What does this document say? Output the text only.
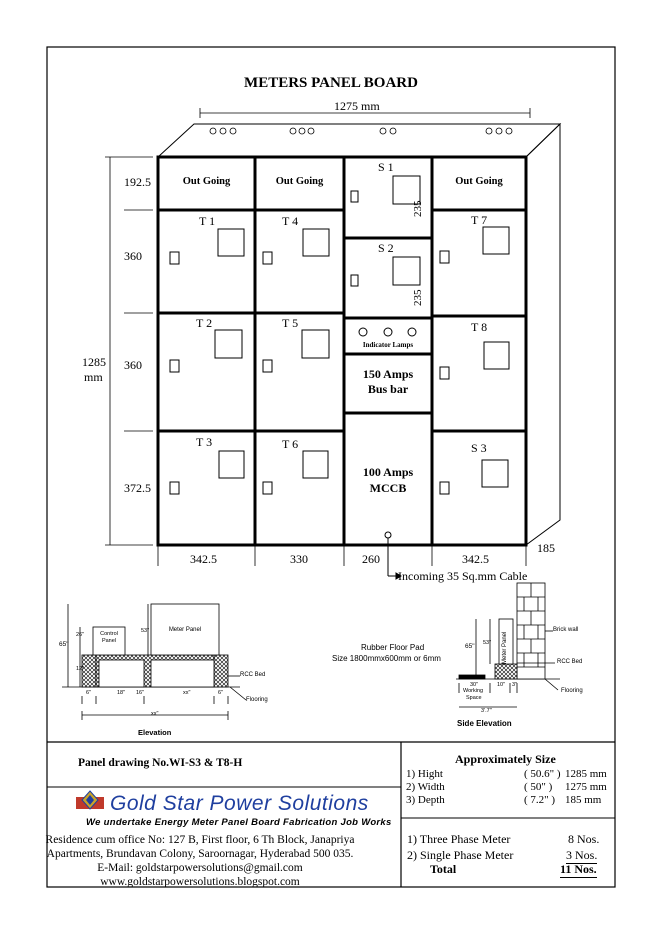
METERS PANEL BOARD
1275 mm
192.5
360
360
372.5
1285
mm
342.5	330	260	342.5
185
Incoming 35 Sq.mm Cable
Out Going	Out Going	Out Going
T 1	T 4
T 2	T 5
T 3	T 6
S 1
S 2
T 7
T 8
S 3
235
235
Indicator Lamps
150 Amps
Bus bar
100 Amps
MCCB
Control
Panel
Meter Panel
65"
26"
53"
12"
6"	18" 16"	xx"	6"
xx"
RCC Bed
Flooring
Elevation
Brick wall
RCC Bed
Flooring
Meter Panel
Rubber Floor Pad
Size 1800mmx600mm or 6mm
65" 53"
30"
Working
Space
10" 3"
3'.7"
Side Elevation
Panel drawing No.WI-S3 & T8-H
GOLD STAR Gold Star Power Solutions
We undertake Energy Meter Panel Board Fabrication Job Works
Residence cum office No: 127 B, First floor, 6 Th Block, Janapriya
Apartments, Brundavan Colony, Saroornagar, Hyderabad 500 035.
E-Mail: goldstarpowersolutions@gmail.com
www.goldstarpowersolutions.blogspot.com
Approximately Size
1) Hight	( 50.6" ) 1285 mm
2) Width	( 50" ) 1275 mm
3) Depth	( 7.2" ) 185 mm
1) Three Phase Meter	8 Nos.
2) Single Phase Meter	3 Nos.
Total	11 Nos.
